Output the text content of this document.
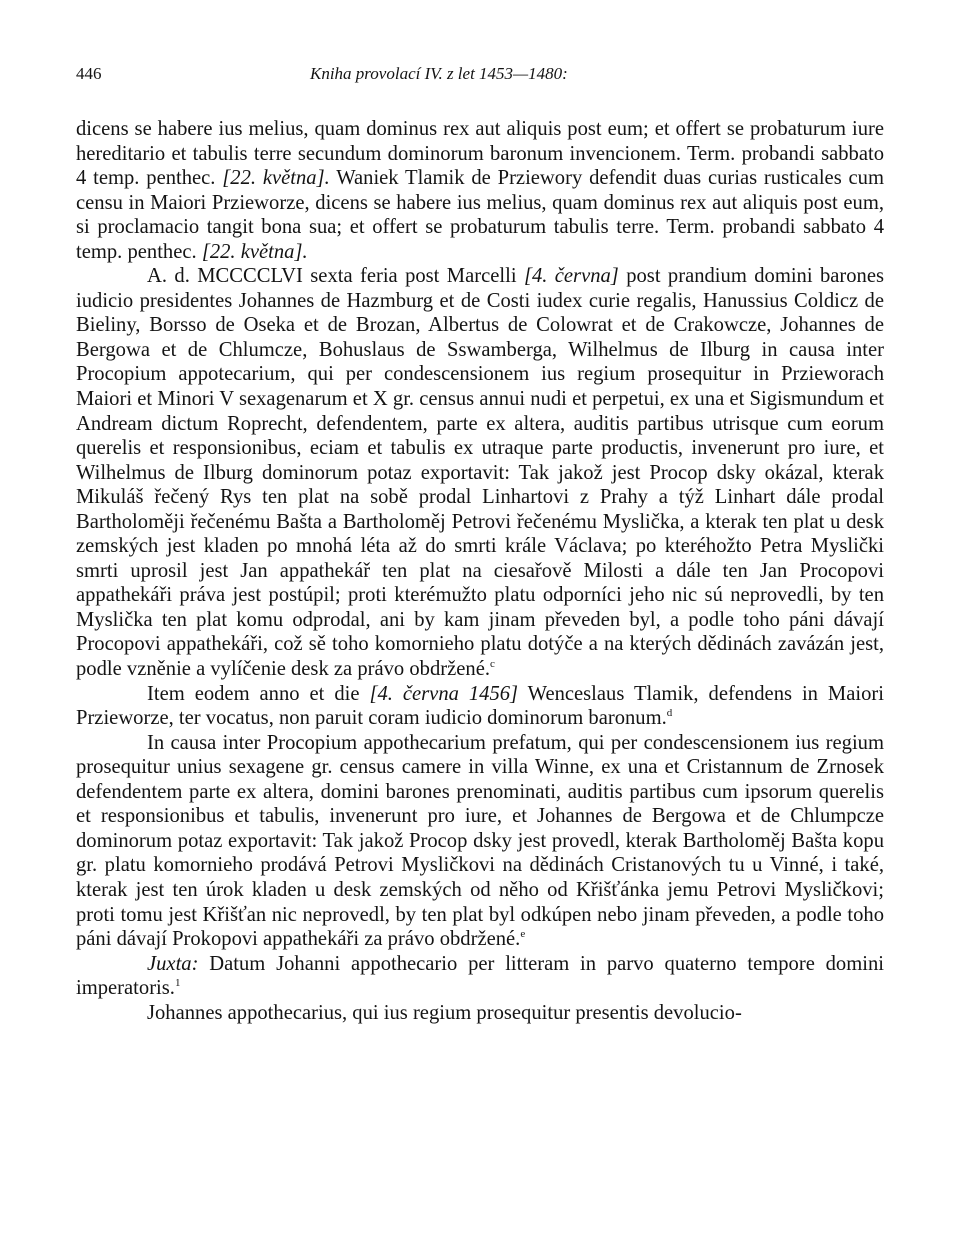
446	Kniha provolací IV. z let 1453—1480:

dicens se habere ius melius, quam dominus rex aut aliquis post eum; et offert se probaturum iure hereditario et tabulis terre secundum dominorum baronum invencionem. Term. probandi sabbato 4 temp. penthec. [22. května]. Waniek Tlamik de Prziewory defendit duas curias rusticales cum censu in Maiori Przieworze, dicens se habere ius melius, quam dominus rex aut aliquis post eum, si proclamacio tangit bona sua; et offert se probaturum tabulis terre. Term. probandi sabbato 4 temp. penthec. [22. května].

A. d. MCCCCLVI sexta feria post Marcelli [4. června] post prandium domini barones iudicio presidentes Johannes de Hazmburg et de Costi iudex curie regalis, Hanussius Coldicz de Bieliny, Borsso de Oseka et de Brozan, Albertus de Colowrat et de Crakowcze, Johannes de Bergowa et de Chlumcze, Bohuslaus de Sswamberga, Wilhelmus de Ilburg in causa inter Procopium appotecarium, qui per condescensionem ius regium prosequitur in Przieworach Maiori et Minori V sexagenarum et X gr. census annui nudi et perpetui, ex una et Sigismundum et Andream dictum Roprecht, defendentem, parte ex altera, auditis partibus utrisque cum eorum querelis et responsionibus, eciam et tabulis ex utraque parte productis, invenerunt pro iure, et Wilhelmus de Ilburg dominorum potaz exportavit: Tak jakož jest Procop dsky okázal, kterak Mikuláš řečený Rys ten plat na sobě prodal Linhartovi z Prahy a týž Linhart dále prodal Bartholoměji řečenému Bašta a Bartholoměj Petrovi řečenému Myslička, a kterak ten plat u desk zemských jest kladen po mnohá léta až do smrti krále Václava; po kteréhožto Petra Myslički smrti uprosil jest Jan appathekář ten plat na ciesařově Milosti a dále ten Jan Procopovi appathekáři práva jest postúpil; proti kterémužto platu odporníci jeho nic sú neprovedli, by ten Myslička ten plat komu odprodal, ani by kam jinam převeden byl, a podle toho páni dávají Procopovi appathekáři, což sě toho komornieho platu dotýče a na kterých dědinách zavázán jest, podle vzněnie a vylíčenie desk za právo obdržené.$^c$

Item eodem anno et die [4. června 1456] Wenceslaus Tlamik, defendens in Maiori Przieworze, ter vocatus, non paruit coram iudicio dominorum baronum.$^d$

In causa inter Procopium appothecarium prefatum, qui per condescensionem ius regium prosequitur unius sexagene gr. census camere in villa Winne, ex una et Cristannum de Zrnosek defendentem parte ex altera, domini barones prenominati, auditis partibus cum ipsorum querelis et responsionibus et tabulis, invenerunt pro iure, et Johannes de Bergowa et de Chlumpcze dominorum potaz exportavit: Tak jakož Procop dsky jest provedl, kterak Bartholoměj Bašta kopu gr. platu komornieho prodává Petrovi Mysličkovi na dědinách Cristanových tu u Vinné, i také, kterak jest ten úrok kladen u desk zemských od něho od Křišťánka jemu Petrovi Mysličkovi; proti tomu jest Křišťan nic neprovedl, by ten plat byl odkúpen nebo jinam převeden, a podle toho páni dávají Prokopovi appathekáři za právo obdržené.$^e$

Juxta: Datum Johanni appothecario per litteram in parvo quaterno tempore domini imperatoris.$^1$

Johannes appothecarius, qui ius regium prosequitur presentis devolucio-
